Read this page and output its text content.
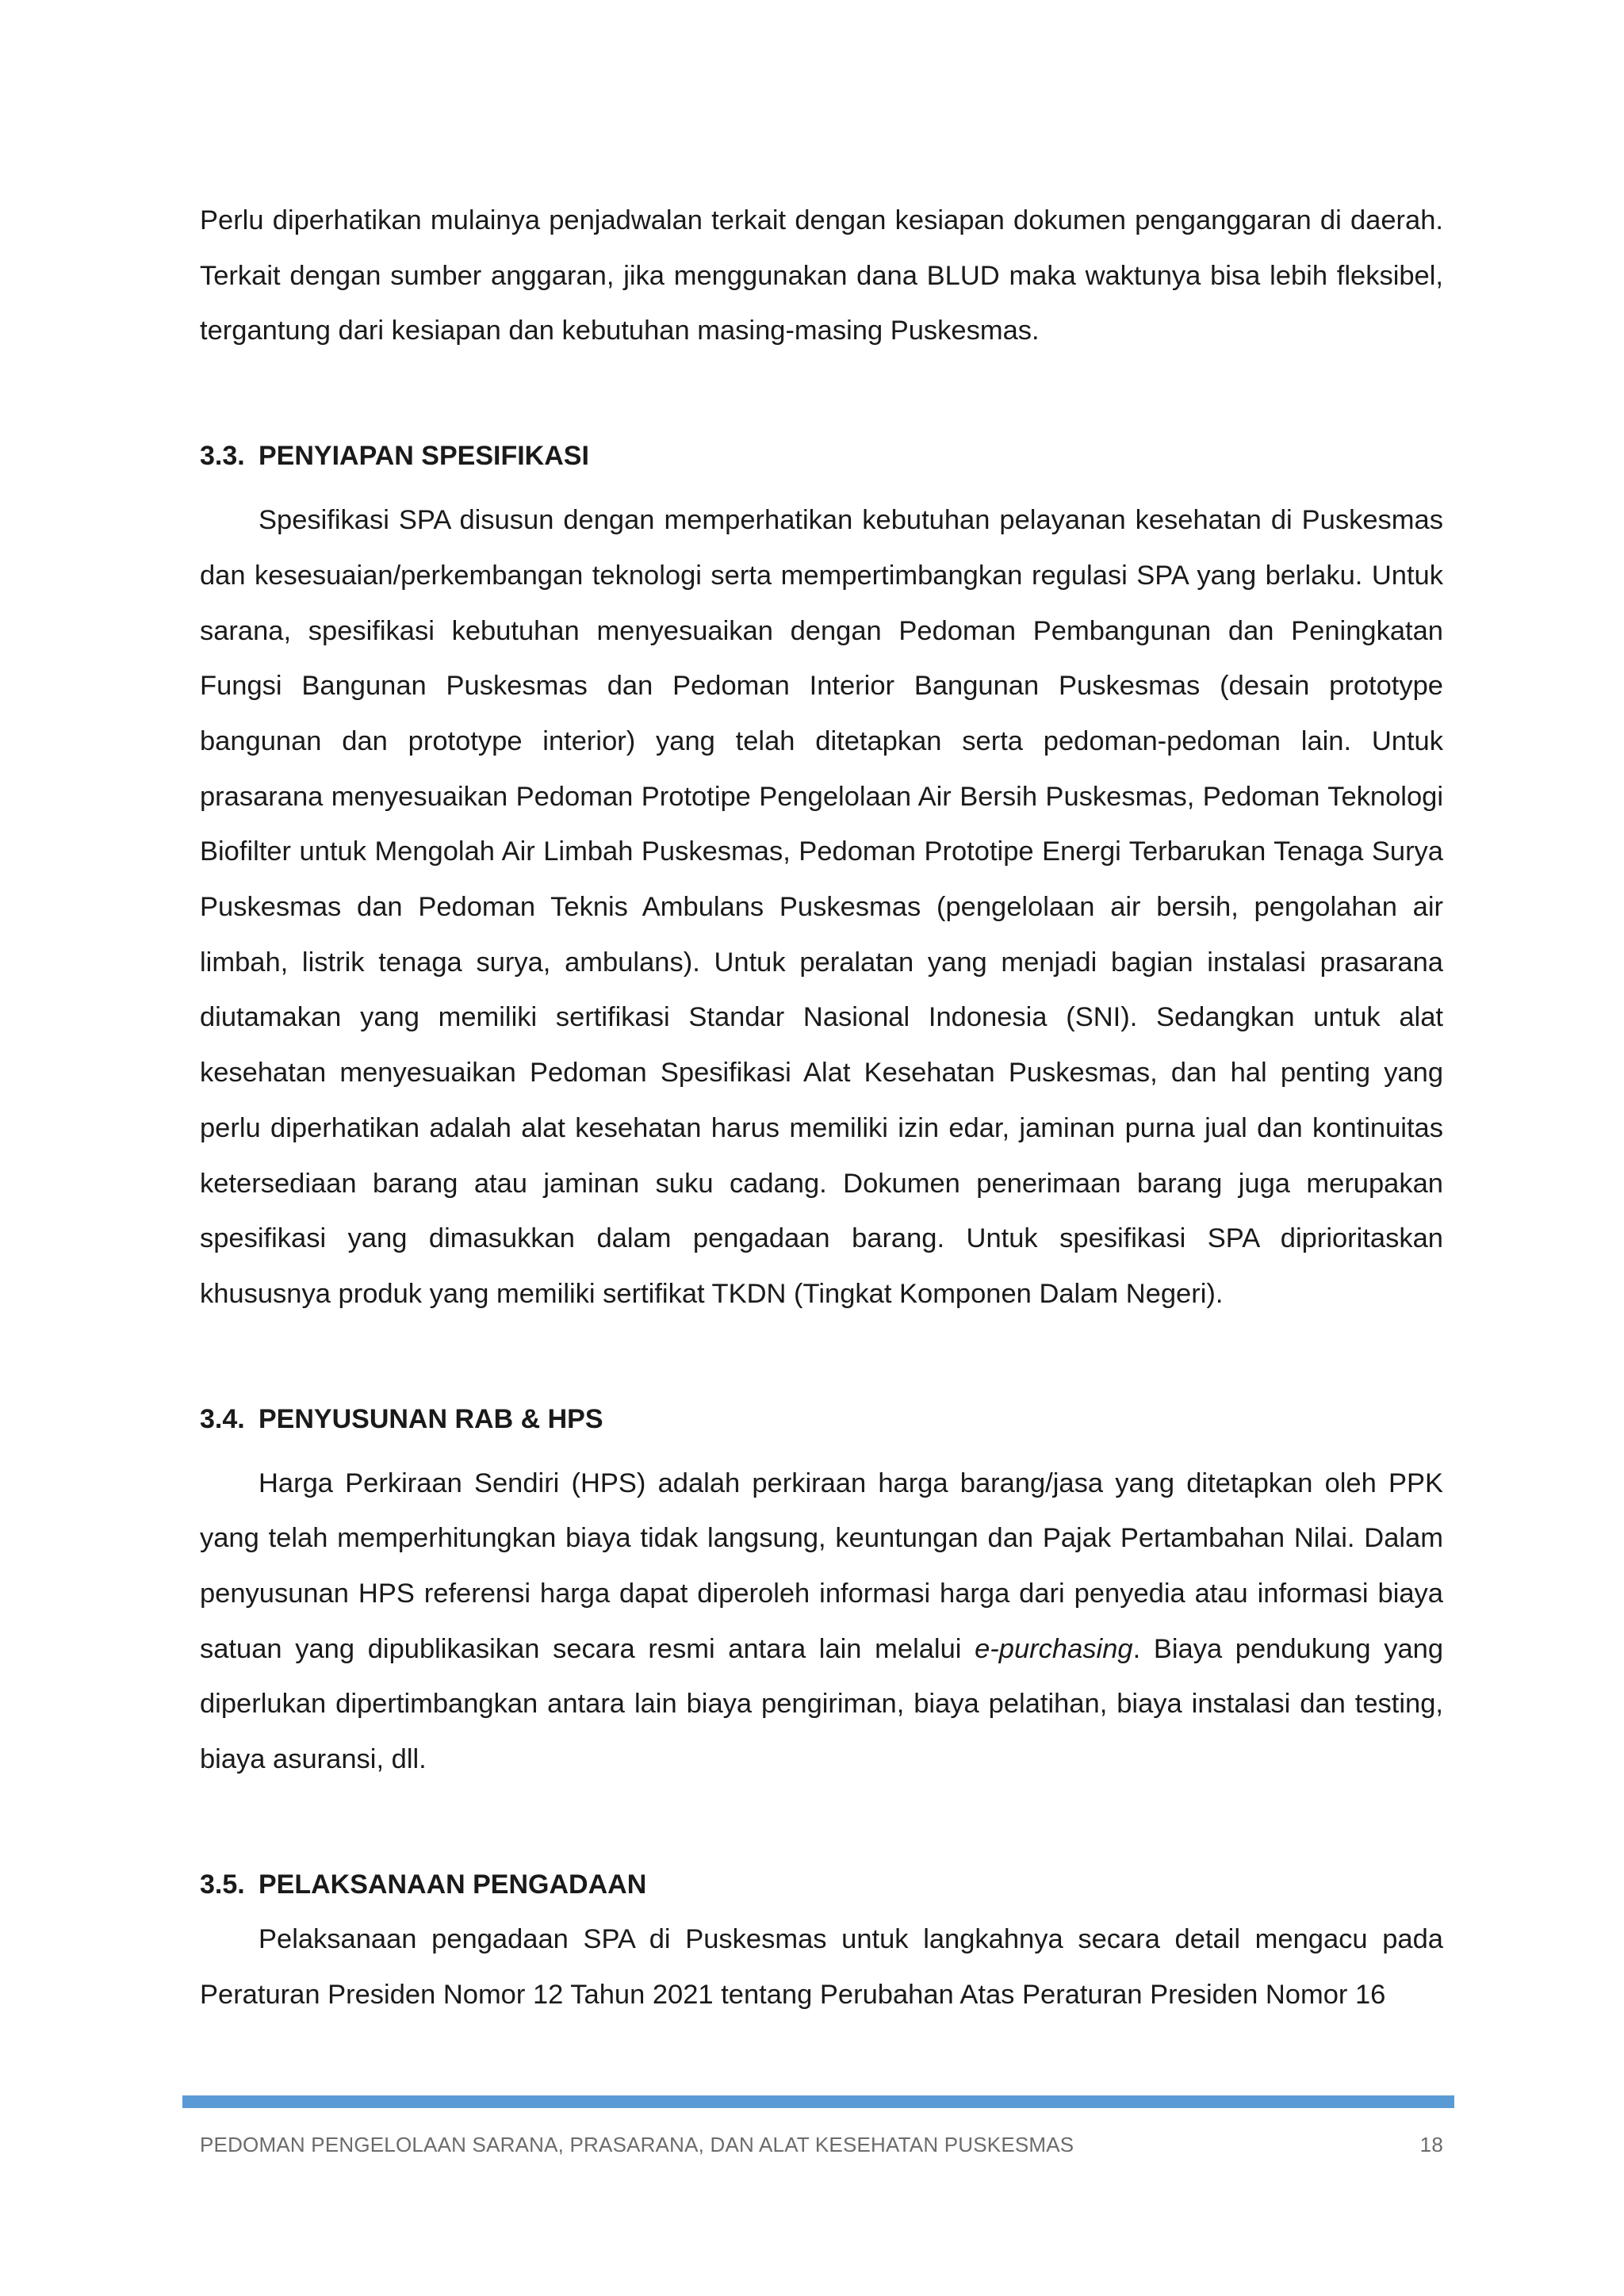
Perlu diperhatikan mulainya penjadwalan terkait dengan kesiapan dokumen penganggaran di daerah. Terkait dengan sumber anggaran, jika menggunakan dana BLUD maka waktunya bisa lebih fleksibel, tergantung dari kesiapan dan kebutuhan masing-masing Puskesmas.

3.3. PENYIAPAN SPESIFIKASI

Spesifikasi SPA disusun dengan memperhatikan kebutuhan pelayanan kesehatan di Puskesmas dan kesesuaian/perkembangan teknologi serta mempertimbangkan regulasi SPA yang berlaku. Untuk sarana, spesifikasi kebutuhan menyesuaikan dengan Pedoman Pembangunan dan Peningkatan Fungsi Bangunan Puskesmas dan Pedoman Interior Bangunan Puskesmas (desain prototype bangunan dan prototype interior) yang telah ditetapkan serta pedoman-pedoman lain. Untuk prasarana menyesuaikan Pedoman Prototipe Pengelolaan Air Bersih Puskesmas, Pedoman Teknologi Biofilter untuk Mengolah Air Limbah Puskesmas, Pedoman Prototipe Energi Terbarukan Tenaga Surya Puskesmas dan Pedoman Teknis Ambulans Puskesmas (pengelolaan air bersih, pengolahan air limbah, listrik tenaga surya, ambulans). Untuk peralatan yang menjadi bagian instalasi prasarana diutamakan yang memiliki sertifikasi Standar Nasional Indonesia (SNI). Sedangkan untuk alat kesehatan menyesuaikan Pedoman Spesifikasi Alat Kesehatan Puskesmas, dan hal penting yang perlu diperhatikan adalah alat kesehatan harus memiliki izin edar, jaminan purna jual dan kontinuitas ketersediaan barang atau jaminan suku cadang. Dokumen penerimaan barang juga merupakan spesifikasi yang dimasukkan dalam pengadaan barang. Untuk spesifikasi SPA diprioritaskan khususnya produk yang memiliki sertifikat TKDN (Tingkat Komponen Dalam Negeri).

3.4. PENYUSUNAN RAB & HPS

Harga Perkiraan Sendiri (HPS) adalah perkiraan harga barang/jasa yang ditetapkan oleh PPK yang telah memperhitungkan biaya tidak langsung, keuntungan dan Pajak Pertambahan Nilai. Dalam penyusunan HPS referensi harga dapat diperoleh informasi harga dari penyedia atau informasi biaya satuan yang dipublikasikan secara resmi antara lain melalui e-purchasing. Biaya pendukung yang diperlukan dipertimbangkan antara lain biaya pengiriman, biaya pelatihan, biaya instalasi dan testing, biaya asuransi, dll.

3.5. PELAKSANAAN PENGADAAN

Pelaksanaan pengadaan SPA di Puskesmas untuk langkahnya secara detail mengacu pada Peraturan Presiden Nomor 12 Tahun 2021 tentang Perubahan Atas Peraturan Presiden Nomor 16

PEDOMAN PENGELOLAAN SARANA, PRASARANA, DAN ALAT KESEHATAN PUSKESMAS	18
